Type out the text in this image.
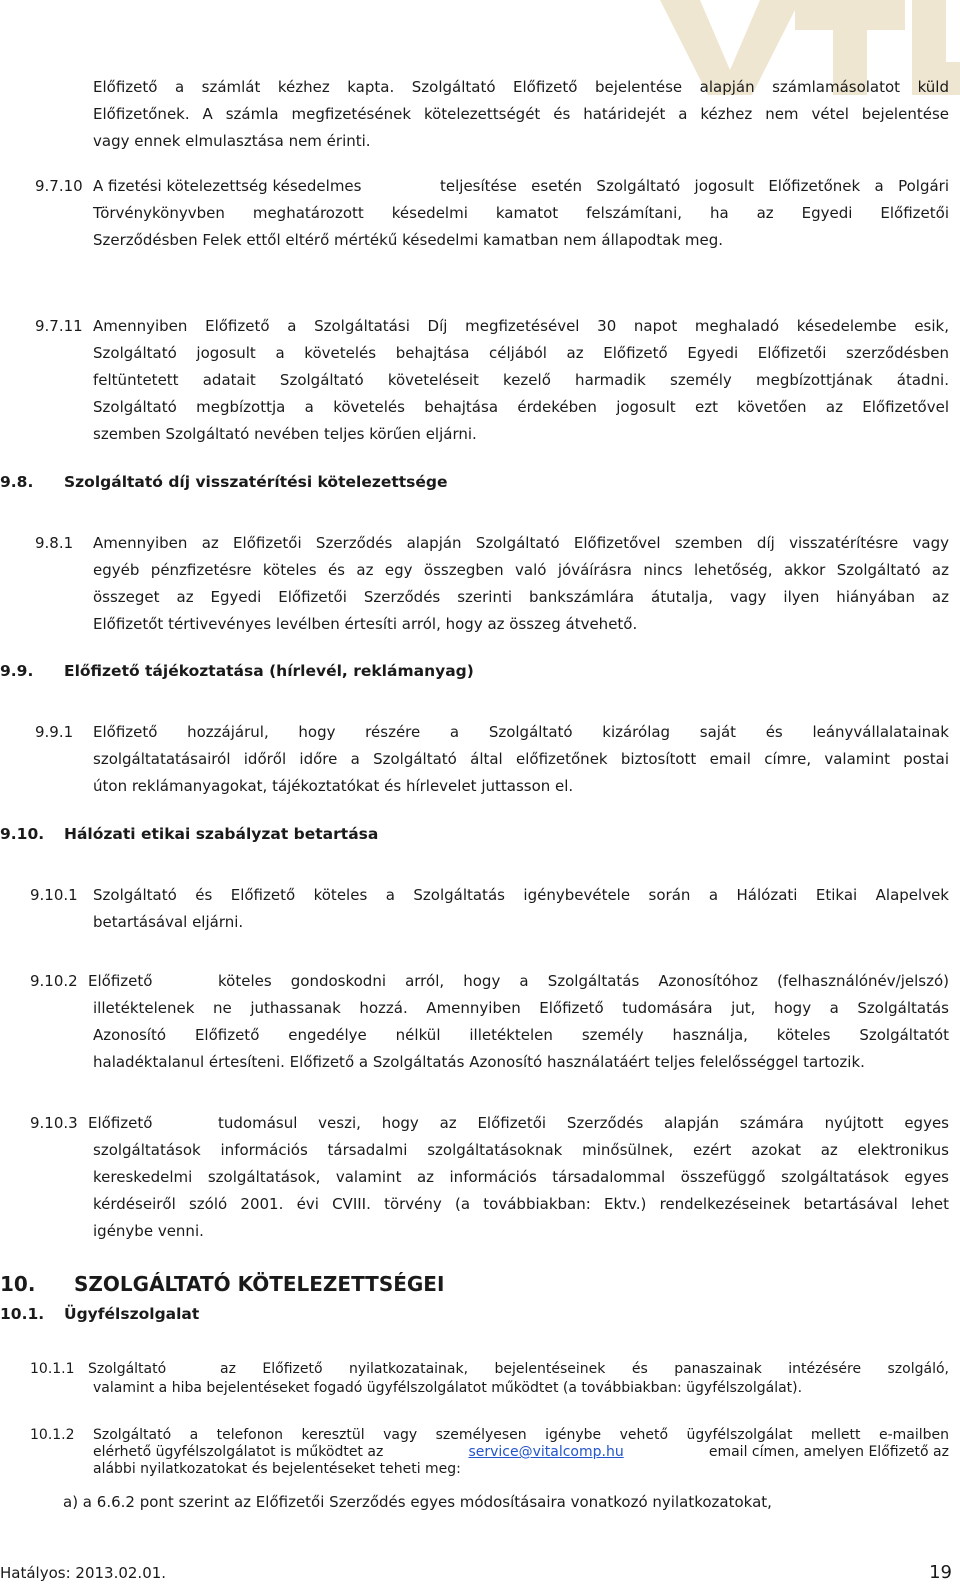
Előfizető a számlát kézhez kapta. Szolgáltató Előfizető bejelentése alapján számlamásolatot küld
Előfizetőnek. A számla megfizetésének kötelezettségét és határidejét a kézhez nem vétel bejelentése
vagy ennek elmulasztása nem érinti.
9.7.10 A fizetési kötelezettség késedelmes	teljesítése esetén Szolgáltató jogosult Előfizetőnek a Polgári
Törvénykönyvben meghatározott késedelmi kamatot felszámítani, ha az Egyedi Előfizetői
Szerződésben Felek ettől eltérő mértékű késedelmi kamatban nem állapodtak meg.
9.7.11 Amennyiben Előfizető a Szolgáltatási Díj megfizetésével 30 napot meghaladó késedelembe esik,
Szolgáltató jogosult a követelés behajtása céljából az Előfizető Egyedi Előfizetői szerződésben
feltüntetett adatait Szolgáltató követeléseit kezelő harmadik személy megbízottjának átadni.
Szolgáltató megbízottja a követelés behajtása érdekében jogosult ezt követően az Előfizetővel
szemben Szolgáltató nevében teljes körűen eljárni.
9.8. Szolgáltató díj visszatérítési kötelezettsége
9.8.1 Amennyiben az Előfizetői Szerződés alapján Szolgáltató Előfizetővel szemben díj visszatérítésre vagy
egyéb pénzfizetésre köteles és az egy összegben való jóváírásra nincs lehetőség, akkor Szolgáltató az
összeget az Egyedi Előfizetői Szerződés szerinti bankszámlára átutalja, vagy ilyen hiányában az
Előfizetőt tértivevényes levélben értesíti arról, hogy az összeg átvehető.
9.9. Előfizető tájékoztatása (hírlevél, reklámanyag)
9.9.1 Előfizető hozzájárul, hogy részére a Szolgáltató kizárólag saját és leányvállalatainak
szolgáltatatásairól időről időre a Szolgáltató által előfizetőnek biztosított email címre, valamint postai
úton reklámanyagokat, tájékoztatókat és hírlevelet juttasson el.
9.10. Hálózati etikai szabályzat betartása
9.10.1 Szolgáltató és Előfizető köteles a Szolgáltatás igénybevétele során a Hálózati Etikai Alapelvek
betartásával eljárni.
9.10.2 Előfizető	köteles gondoskodni arról, hogy a Szolgáltatás Azonosítóhoz (felhasználónév/jelszó)
illetéktelenek ne juthassanak hozzá. Amennyiben Előfizető tudomására jut, hogy a Szolgáltatás
Azonosító Előfizető engedélye nélkül illetéktelen személy használja, köteles Szolgáltatót
haladéktalanul értesíteni. Előfizető a Szolgáltatás Azonosító használatáért teljes felelősséggel tartozik.
9.10.3 Előfizető	tudomásul veszi, hogy az Előfizetői Szerződés alapján számára nyújtott egyes
szolgáltatások információs társadalmi szolgáltatásoknak minősülnek, ezért azokat az elektronikus
kereskedelmi szolgáltatások, valamint az információs társadalommal összefüggő szolgáltatások egyes
kérdéseiről szóló 2001. évi CVIII. törvény (a továbbiakban: Ektv.) rendelkezéseinek betartásával lehet
igénybe venni.
10. SZOLGÁLTATÓ KÖTELEZETTSÉGEI
10.1. Ügyfélszolgalat
10.1.1 Szolgáltató	az Előfizető nyilatkozatainak, bejelentéseinek és panaszainak intézésére szolgáló,
valamint a hiba bejelentéseket fogadó ügyfélszolgálatot működtet (a továbbiakban: ügyfélszolgálat).
10.1.2 Szolgáltató a telefonon keresztül vagy személyesen igénybe vehető ügyfélszolgálat mellett e-mailben
elérhető ügyfélszolgálatot is működtet az	service@vitalcomp.hu	email címen, amelyen Előfizető az
alábbi nyilatkozatokat és bejelentéseket teheti meg:
a) a 6.6.2 pont szerint az Előfizetői Szerződés egyes módosításaira vonatkozó nyilatkozatokat,
Hatályos: 2013.02.01.	19
